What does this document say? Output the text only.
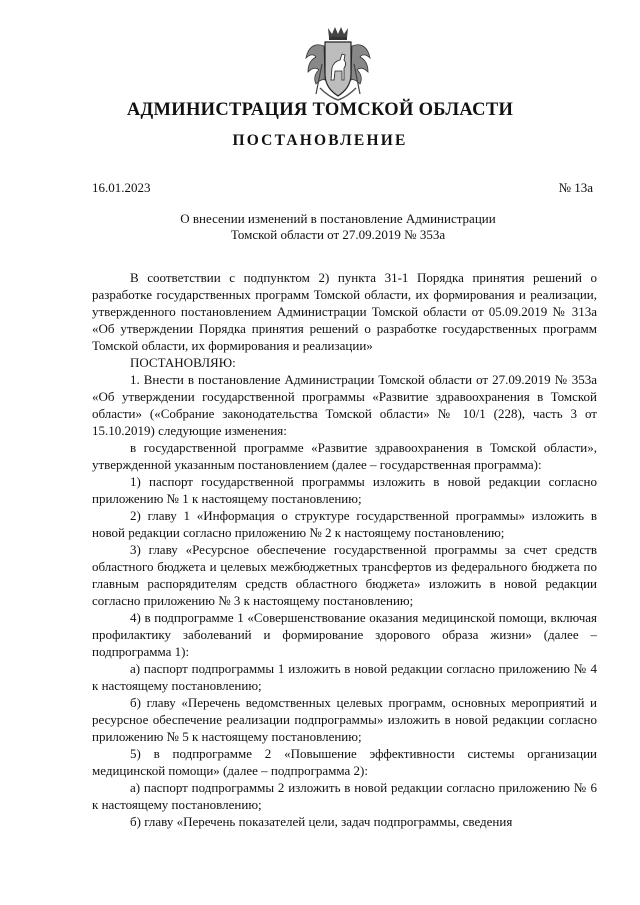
АДМИНИСТРАЦИЯ ТОМСКОЙ ОБЛАСТИ
ПОСТАНОВЛЕНИЕ
16.01.2023	№ 13а
О внесении изменений в постановление Администрации
Томской области от 27.09.2019 № 353а

В соответствии с подпунктом 2) пункта 31-1 Порядка принятия решений о разработке государственных программ Томской области, их формирования и реализации, утвержденного постановлением Администрации Томской области от 05.09.2019 № 313а «Об утверждении Порядка принятия решений о разработке государственных программ Томской области, их формирования и реализации»

ПОСТАНОВЛЯЮ:

1. Внести в постановление Администрации Томской области от 27.09.2019 № 353а «Об утверждении государственной программы «Развитие здравоохранения в Томской области» («Собрание законодательства Томской области» № 10/1 (228), часть 3 от 15.10.2019) следующие изменения:

в государственной программе «Развитие здравоохранения в Томской области», утвержденной указанным постановлением (далее – государственная программа):

1) паспорт государственной программы изложить в новой редакции согласно приложению № 1 к настоящему постановлению;

2) главу 1 «Информация о структуре государственной программы» изложить в новой редакции согласно приложению № 2 к настоящему постановлению;

3) главу «Ресурсное обеспечение государственной программы за счет средств областного бюджета и целевых межбюджетных трансфертов из федерального бюджета по главным распорядителям средств областного бюджета» изложить в новой редакции согласно приложению № 3 к настоящему постановлению;

4) в подпрограмме 1 «Совершенствование оказания медицинской помощи, включая профилактику заболеваний и формирование здорового образа жизни» (далее – подпрограмма 1):

а) паспорт подпрограммы 1 изложить в новой редакции согласно приложению № 4 к настоящему постановлению;

б) главу «Перечень ведомственных целевых программ, основных мероприятий и ресурсное обеспечение реализации подпрограммы» изложить в новой редакции согласно приложению № 5 к настоящему постановлению;

5) в подпрограмме 2 «Повышение эффективности системы организации медицинской помощи» (далее – подпрограмма 2):

а) паспорт подпрограммы 2 изложить в новой редакции согласно приложению № 6 к настоящему постановлению;

б) главу «Перечень показателей цели, задач подпрограммы, сведения
